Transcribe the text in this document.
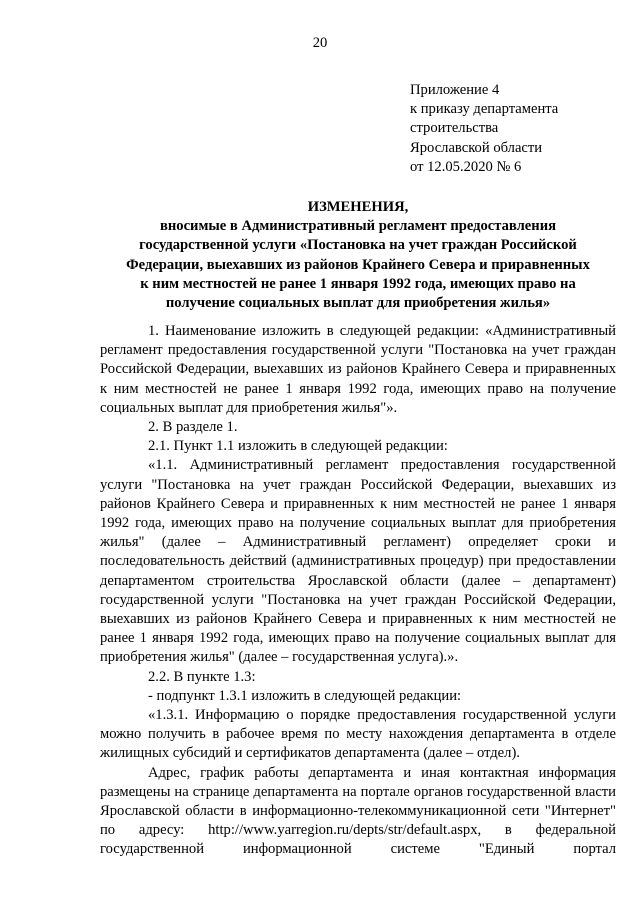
20
Приложение 4
к приказу департамента
строительства
Ярославской области
от 12.05.2020 № 6
ИЗМЕНЕНИЯ,
вносимые в Административный регламент предоставления
государственной услуги «Постановка на учет граждан Российской
Федерации, выехавших из районов Крайнего Севера и приравненных
к ним местностей не ранее 1 января 1992 года, имеющих право на
получение социальных выплат для приобретения жилья»

1. Наименование изложить в следующей редакции: «Административный регламент предоставления государственной услуги "Постановка на учет граждан Российской Федерации, выехавших из районов Крайнего Севера и приравненных к ним местностей не ранее 1 января 1992 года, имеющих право на получение социальных выплат для приобретения жилья"».

2. В разделе 1.

2.1. Пункт 1.1 изложить в следующей редакции:

«1.1. Административный регламент предоставления государственной услуги "Постановка на учет граждан Российской Федерации, выехавших из районов Крайнего Севера и приравненных к ним местностей не ранее 1 января 1992 года, имеющих право на получение социальных выплат для приобретения жилья" (далее – Административный регламент) определяет сроки и последовательность действий (административных процедур) при предоставлении департаментом строительства Ярославской области (далее – департамент) государственной услуги "Постановка на учет граждан Российской Федерации, выехавших из районов Крайнего Севера и приравненных к ним местностей не ранее 1 января 1992 года, имеющих право на получение социальных выплат для приобретения жилья" (далее – государственная услуга).».

2.2. В пункте 1.3:

- подпункт 1.3.1 изложить в следующей редакции:

«1.3.1. Информацию о порядке предоставления государственной услуги можно получить в рабочее время по месту нахождения департамента в отделе жилищных субсидий и сертификатов департамента (далее – отдел).

Адрес, график работы департамента и иная контактная информация размещены на странице департамента на портале органов государственной власти Ярославской области в информационно-телекоммуникационной сети "Интернет" по адресу: http://www.yarregion.ru/depts/str/default.aspx, в федеральной государственной информационной системе "Единый портал
